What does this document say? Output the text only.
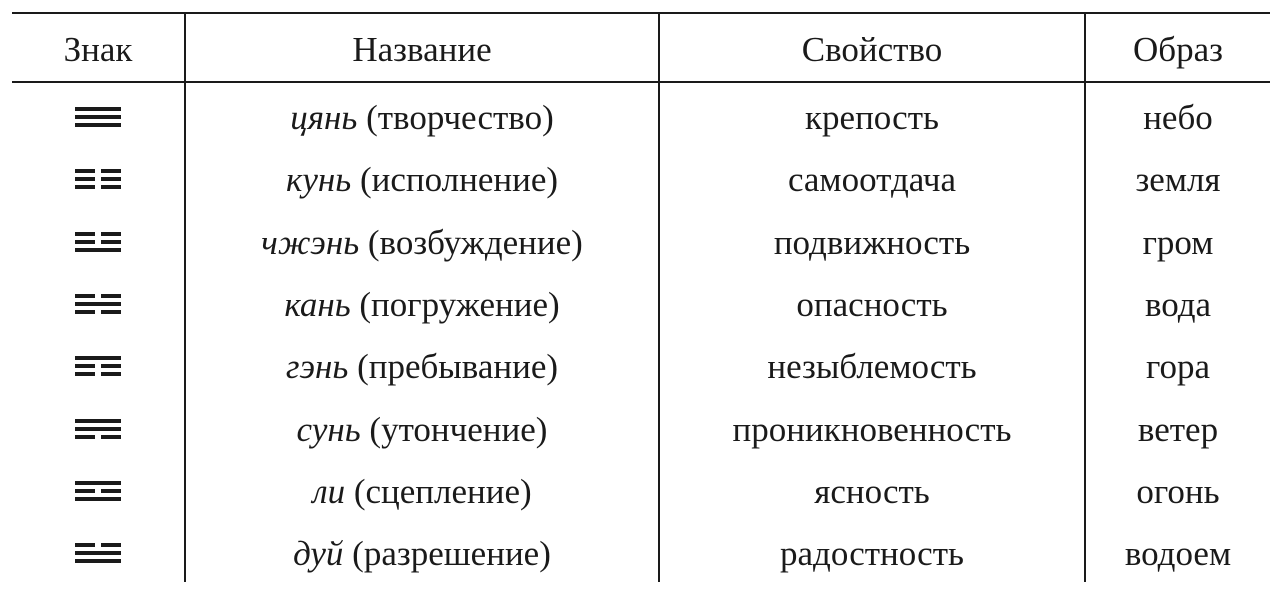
Знак	Название	Свойство	Образ
цянь (творчество)	крепость	небо
кунь (исполнение)	самоотдача	земля
чжэнь (возбуждение)	подвижность	гром
кань (погружение)	опасность	вода
гэнь (пребывание)	незыблемость	гора
сунь (утончение)	проникновенность	ветер
ли (сцепление)	ясность	огонь
дуй (разрешение)	радостность	водоем
